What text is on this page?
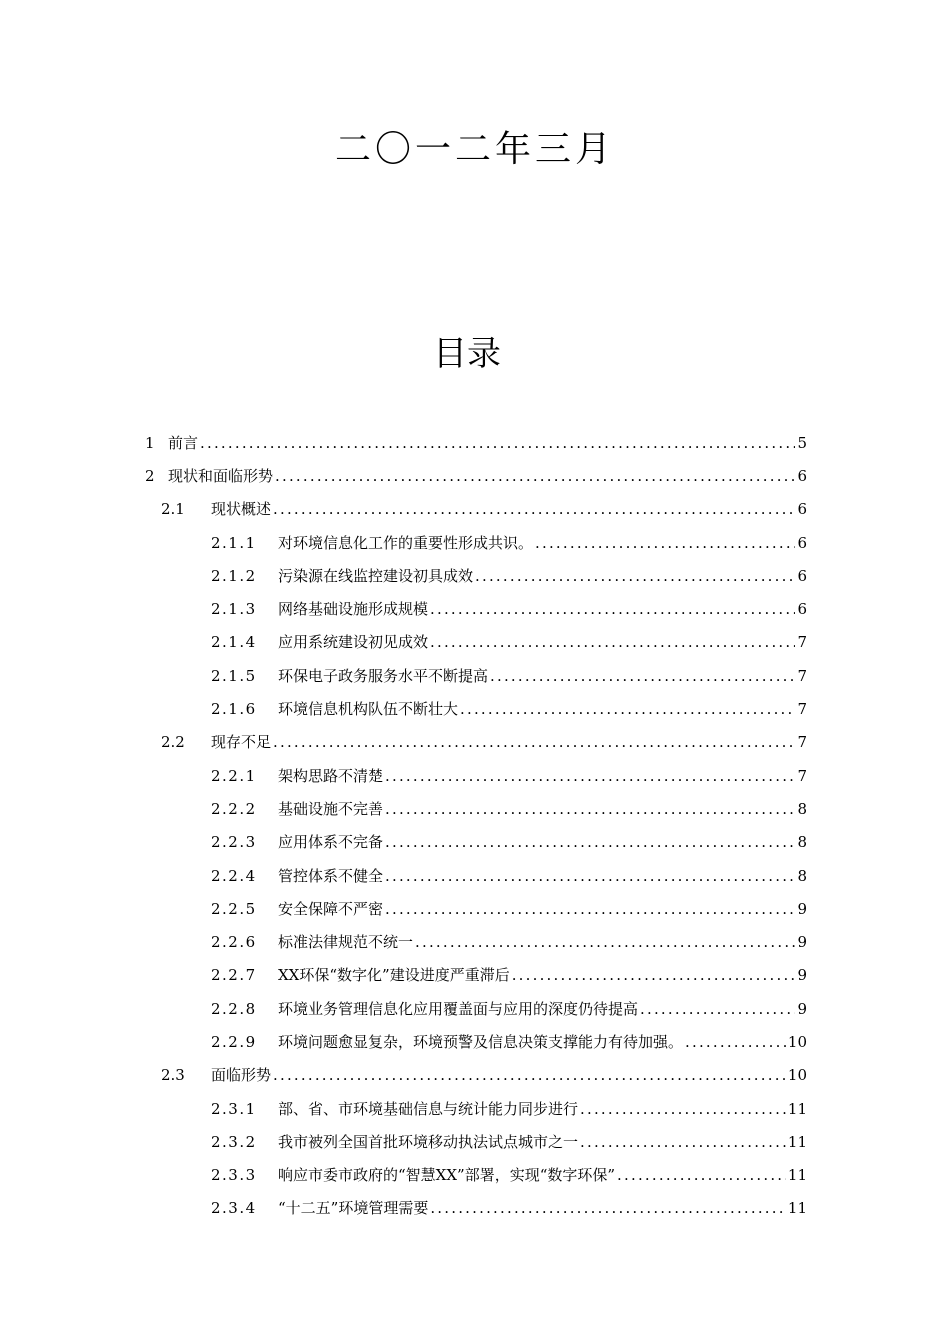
二〇一二年三月
目录
1 前言 .....	5
2 现状和面临形势 .....	6
2.1 现状概述 .....	6
2.1.1 对环境信息化工作的重要性形成共识。 .....	6
2.1.2 污染源在线监控建设初具成效 .....	6
2.1.3 网络基础设施形成规模 .....	6
2.1.4 应用系统建设初见成效 .....	7
2.1.5 环保电子政务服务水平不断提高 .....	7
2.1.6 环境信息机构队伍不断壮大 .....	7
2.2 现存不足 .....	7
2.2.1 架构思路不清楚 .....	7
2.2.2 基础设施不完善 .....	8
2.2.3 应用体系不完备 .....	8
2.2.4 管控体系不健全 .....	8
2.2.5 安全保障不严密 .....	9
2.2.6 标准法律规范不统一 .....	9
2.2.7 XX环保“数字化”建设进度严重滞后 .....	9
2.2.8 环境业务管理信息化应用覆盖面与应用的深度仍待提高 .....	9
2.2.9 环境问题愈显复杂，环境预警及信息决策支撑能力有待加强。 .....	10
2.3 面临形势 .....	10
2.3.1 部、省、市环境基础信息与统计能力同步进行 .....	11
2.3.2 我市被列全国首批环境移动执法试点城市之一 .....	11
2.3.3 响应市委市政府的“智慧XX”部署，实现“数字环保” .....	11
2.3.4 “十二五”环境管理需要 .....	11
